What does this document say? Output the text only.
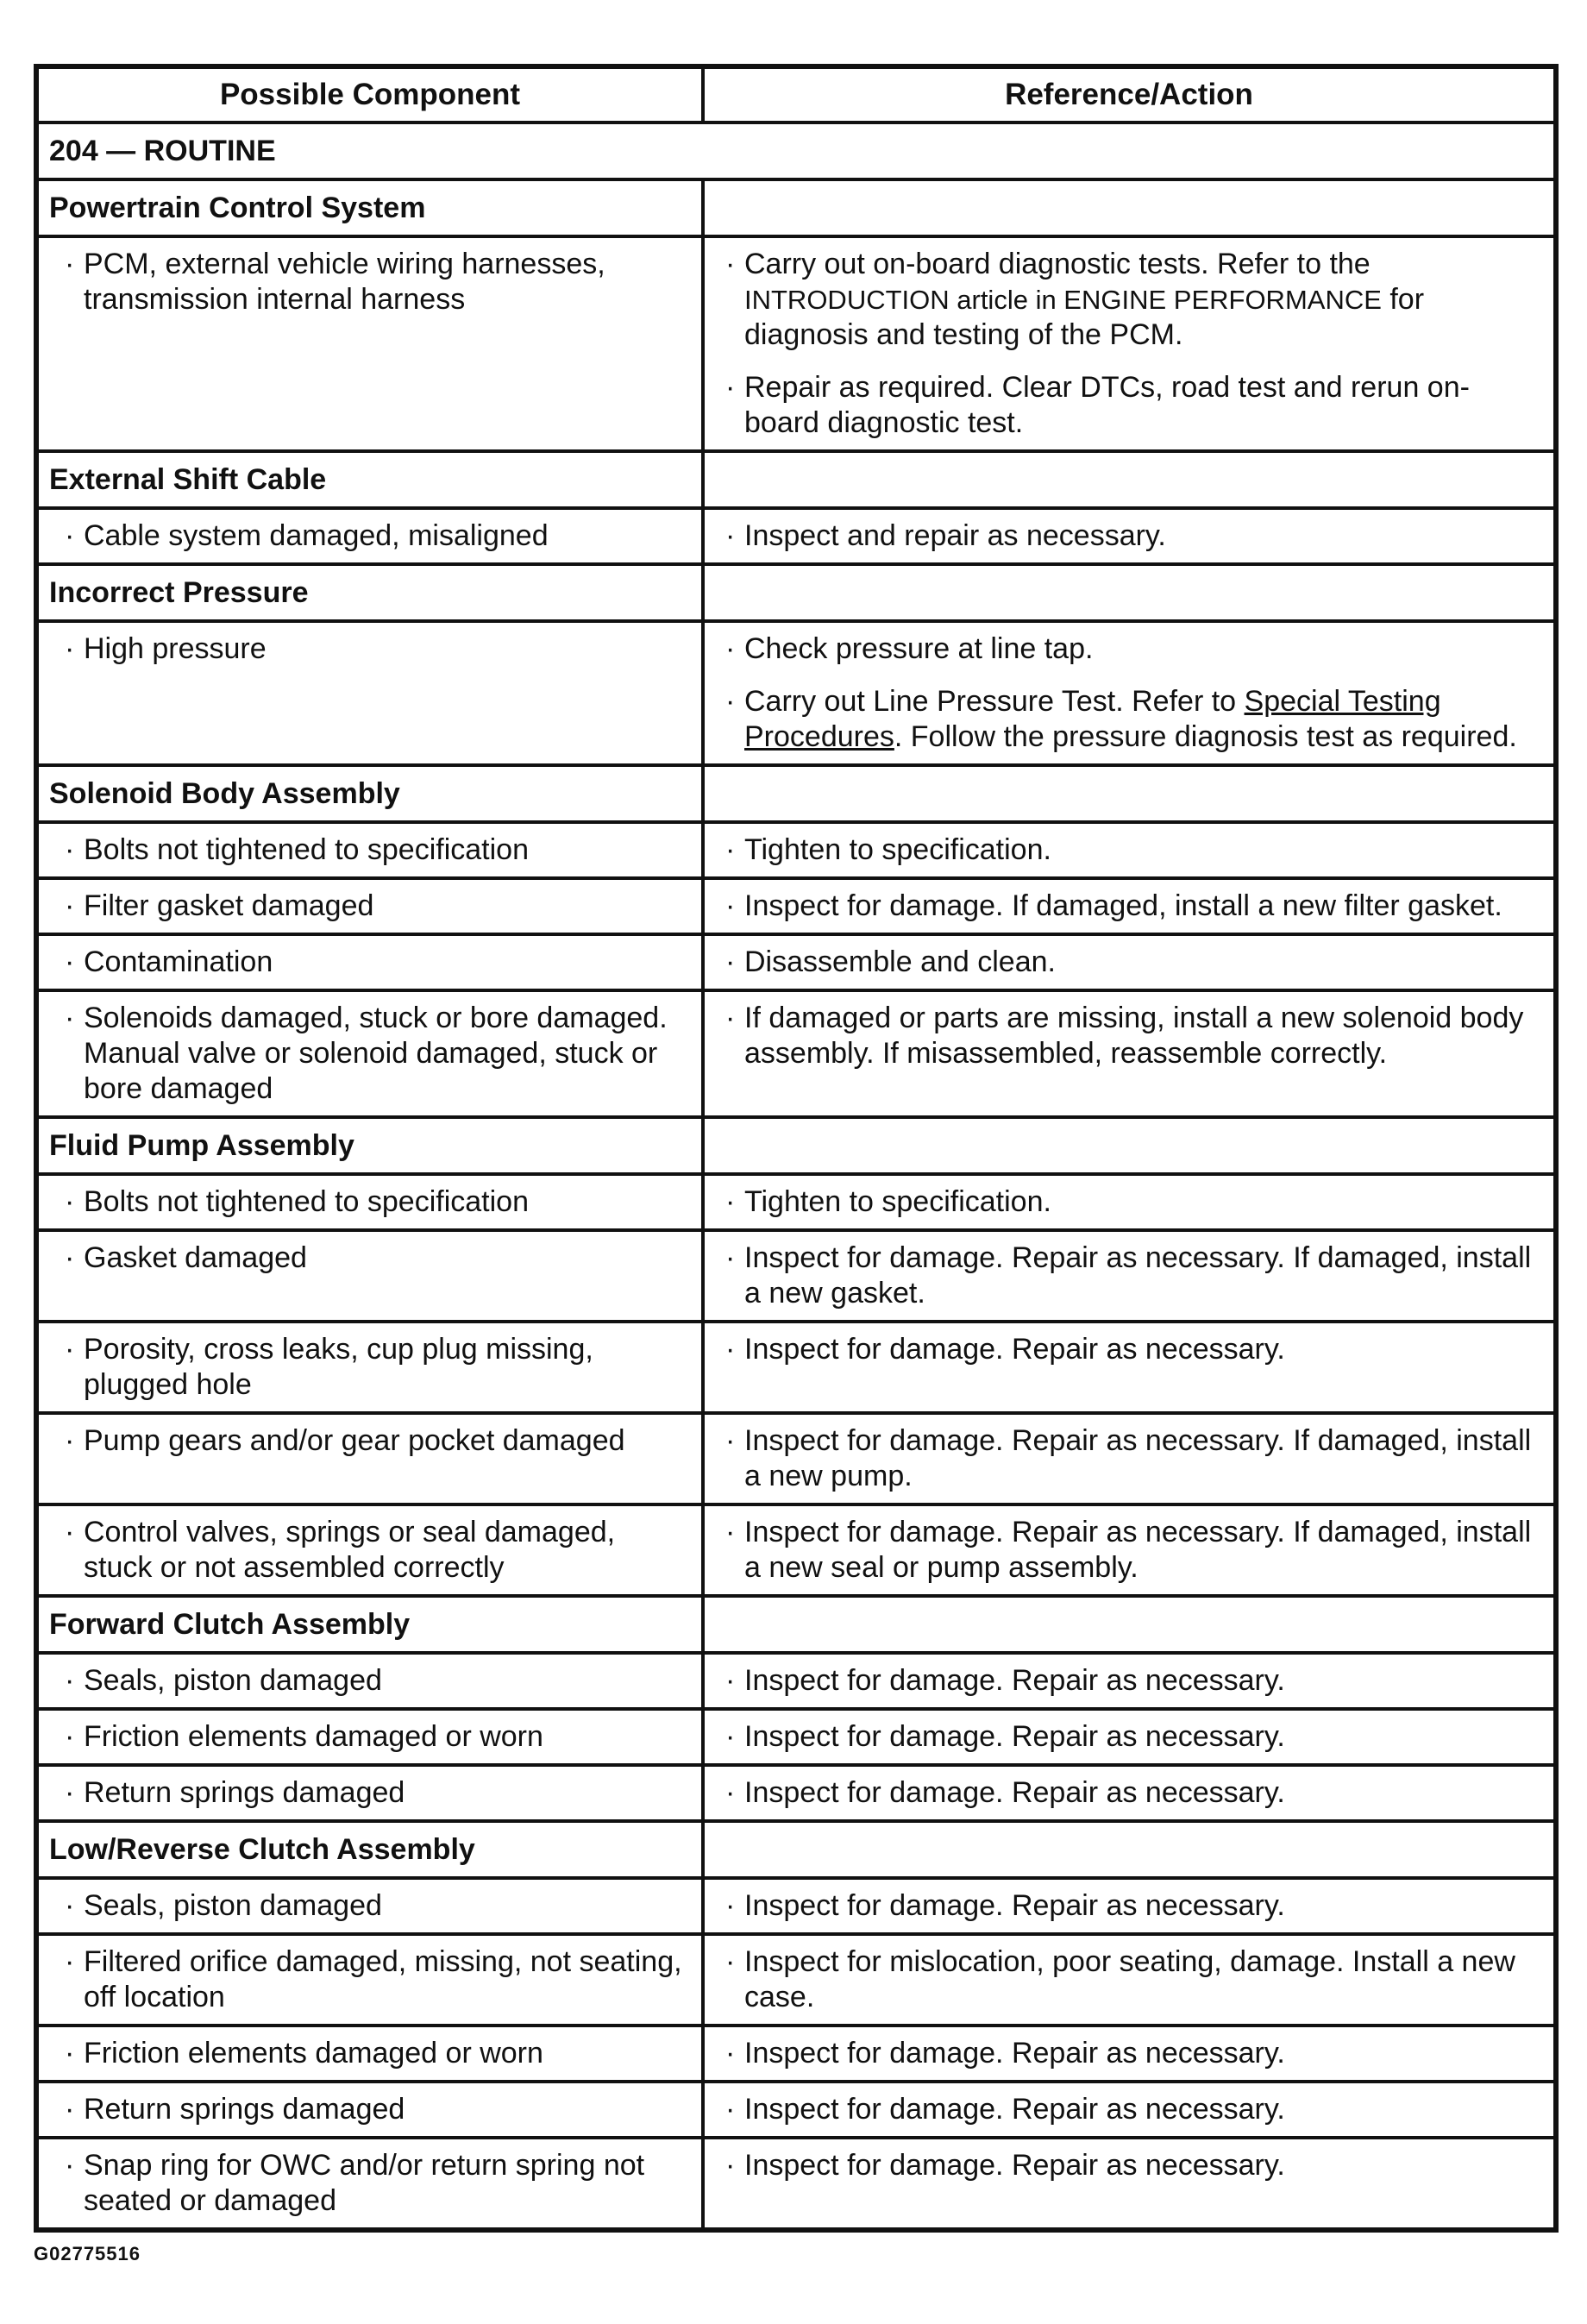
Possible Component	Reference/Action
204 — ROUTINE	
Powertrain Control System	

· PCM, external vehicle wiring harnesses, transmission internal harness	· Carry out on-board diagnostic tests. Refer to the INTRODUCTION article in ENGINE PERFORMANCE for diagnosis and testing of the PCM.
· Repair as required. Clear DTCs, road test and rerun on-board diagnostic test.

External Shift Cable	

· Cable system damaged, misaligned	· Inspect and repair as necessary.

Incorrect Pressure	

· High pressure	· Check pressure at line tap.
· Carry out Line Pressure Test. Refer to Special Testing Procedures. Follow the pressure diagnosis test as required.

Solenoid Body Assembly	

· Bolts not tightened to specification	· Tighten to specification.

· Filter gasket damaged	· Inspect for damage. If damaged, install a new filter gasket.

· Contamination	· Disassemble and clean.

· Solenoids damaged, stuck or bore damaged. Manual valve or solenoid damaged, stuck or bore damaged	· If damaged or parts are missing, install a new solenoid body assembly. If misassembled, reassemble correctly.

Fluid Pump Assembly	

· Bolts not tightened to specification	· Tighten to specification.

· Gasket damaged	· Inspect for damage. Repair as necessary. If damaged, install a new gasket.

· Porosity, cross leaks, cup plug missing, plugged hole	· Inspect for damage. Repair as necessary.

· Pump gears and/or gear pocket damaged	· Inspect for damage. Repair as necessary. If damaged, install a new pump.

· Control valves, springs or seal damaged, stuck or not assembled correctly	· Inspect for damage. Repair as necessary. If damaged, install a new seal or pump assembly.

Forward Clutch Assembly	

· Seals, piston damaged	· Inspect for damage. Repair as necessary.

· Friction elements damaged or worn	· Inspect for damage. Repair as necessary.

· Return springs damaged	· Inspect for damage. Repair as necessary.

Low/Reverse Clutch Assembly	

· Seals, piston damaged	· Inspect for damage. Repair as necessary.

· Filtered orifice damaged, missing, not seating, off location	· Inspect for mislocation, poor seating, damage. Install a new case.

· Friction elements damaged or worn	· Inspect for damage. Repair as necessary.

· Return springs damaged	· Inspect for damage. Repair as necessary.

· Snap ring for OWC and/or return spring not seated or damaged	· Inspect for damage. Repair as necessary.
G02775516
